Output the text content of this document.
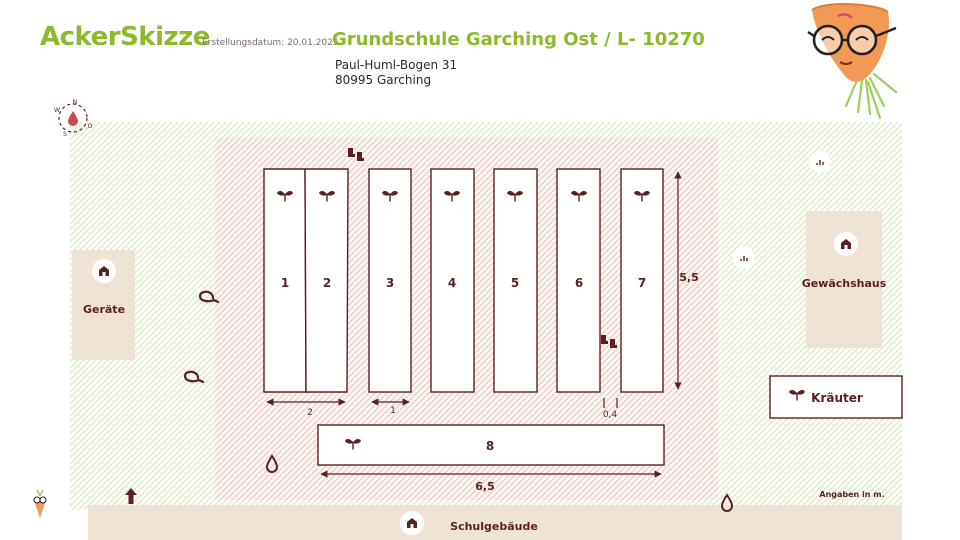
AckerSkizze
Erstellungsdatum: 20.01.2025
Grundschule Garching Ost / L- 10270
Paul-Huml-Bogen 31
80995 Garching
1	2	3	4	5	6	7
8
2	1	0,4
5,5
6,5
Geräte
Gewächshaus
Kräuter
Schulgebäude
N
O
S
W
Angaben in m.
